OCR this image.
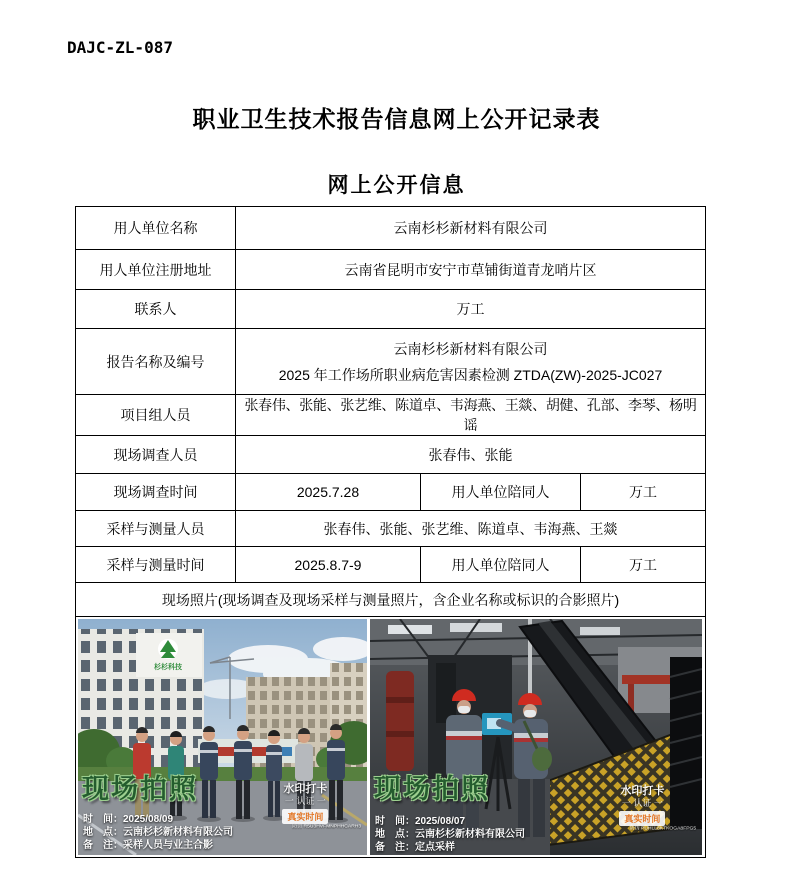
DAJC-ZL-087
职业卫生技术报告信息网上公开记录表
网上公开信息
用人单位名称	云南杉杉新材料有限公司		
用人单位注册地址	云南省昆明市安宁市草铺街道青龙哨片区		
联系人	万工		
报告名称及编号	云南杉杉新材料有限公司
2025 年工作场所职业病危害因素检测 ZTDA(ZW)-2025-JC027		

项目组人员	张春伟、张能、张艺维、陈道卓、韦海燕、王燚、胡健、孔部、李琴、杨明谣		
现场调查人员	张春伟、张能		
现场调查时间	2025.7.28	用人单位陪同人	万工
采样与测量人员	张春伟、张能、张艺维、陈道卓、韦海燕、王燚		
采样与测量时间	2025.8.7-9	用人单位陪同人	万工
现场照片(现场调查及现场采样与测量照片，含企业名称或标识的合影照片)			

杉杉科技
现场拍照
时　间：2025/08/09
地　点：云南杉杉新材料有限公司
备　注：采样人员与业主合影
水印打卡
一 认证 一
真实时间
防伪 R5U3HVFMNPHHCARH3
现场拍照
时　间：2025/08/07
地　点：云南杉杉新材料有限公司
备　注：定点采样
水印打卡
一 认证 一
真实时间
防伪 PUHLL8KTKOGA8FPG5
